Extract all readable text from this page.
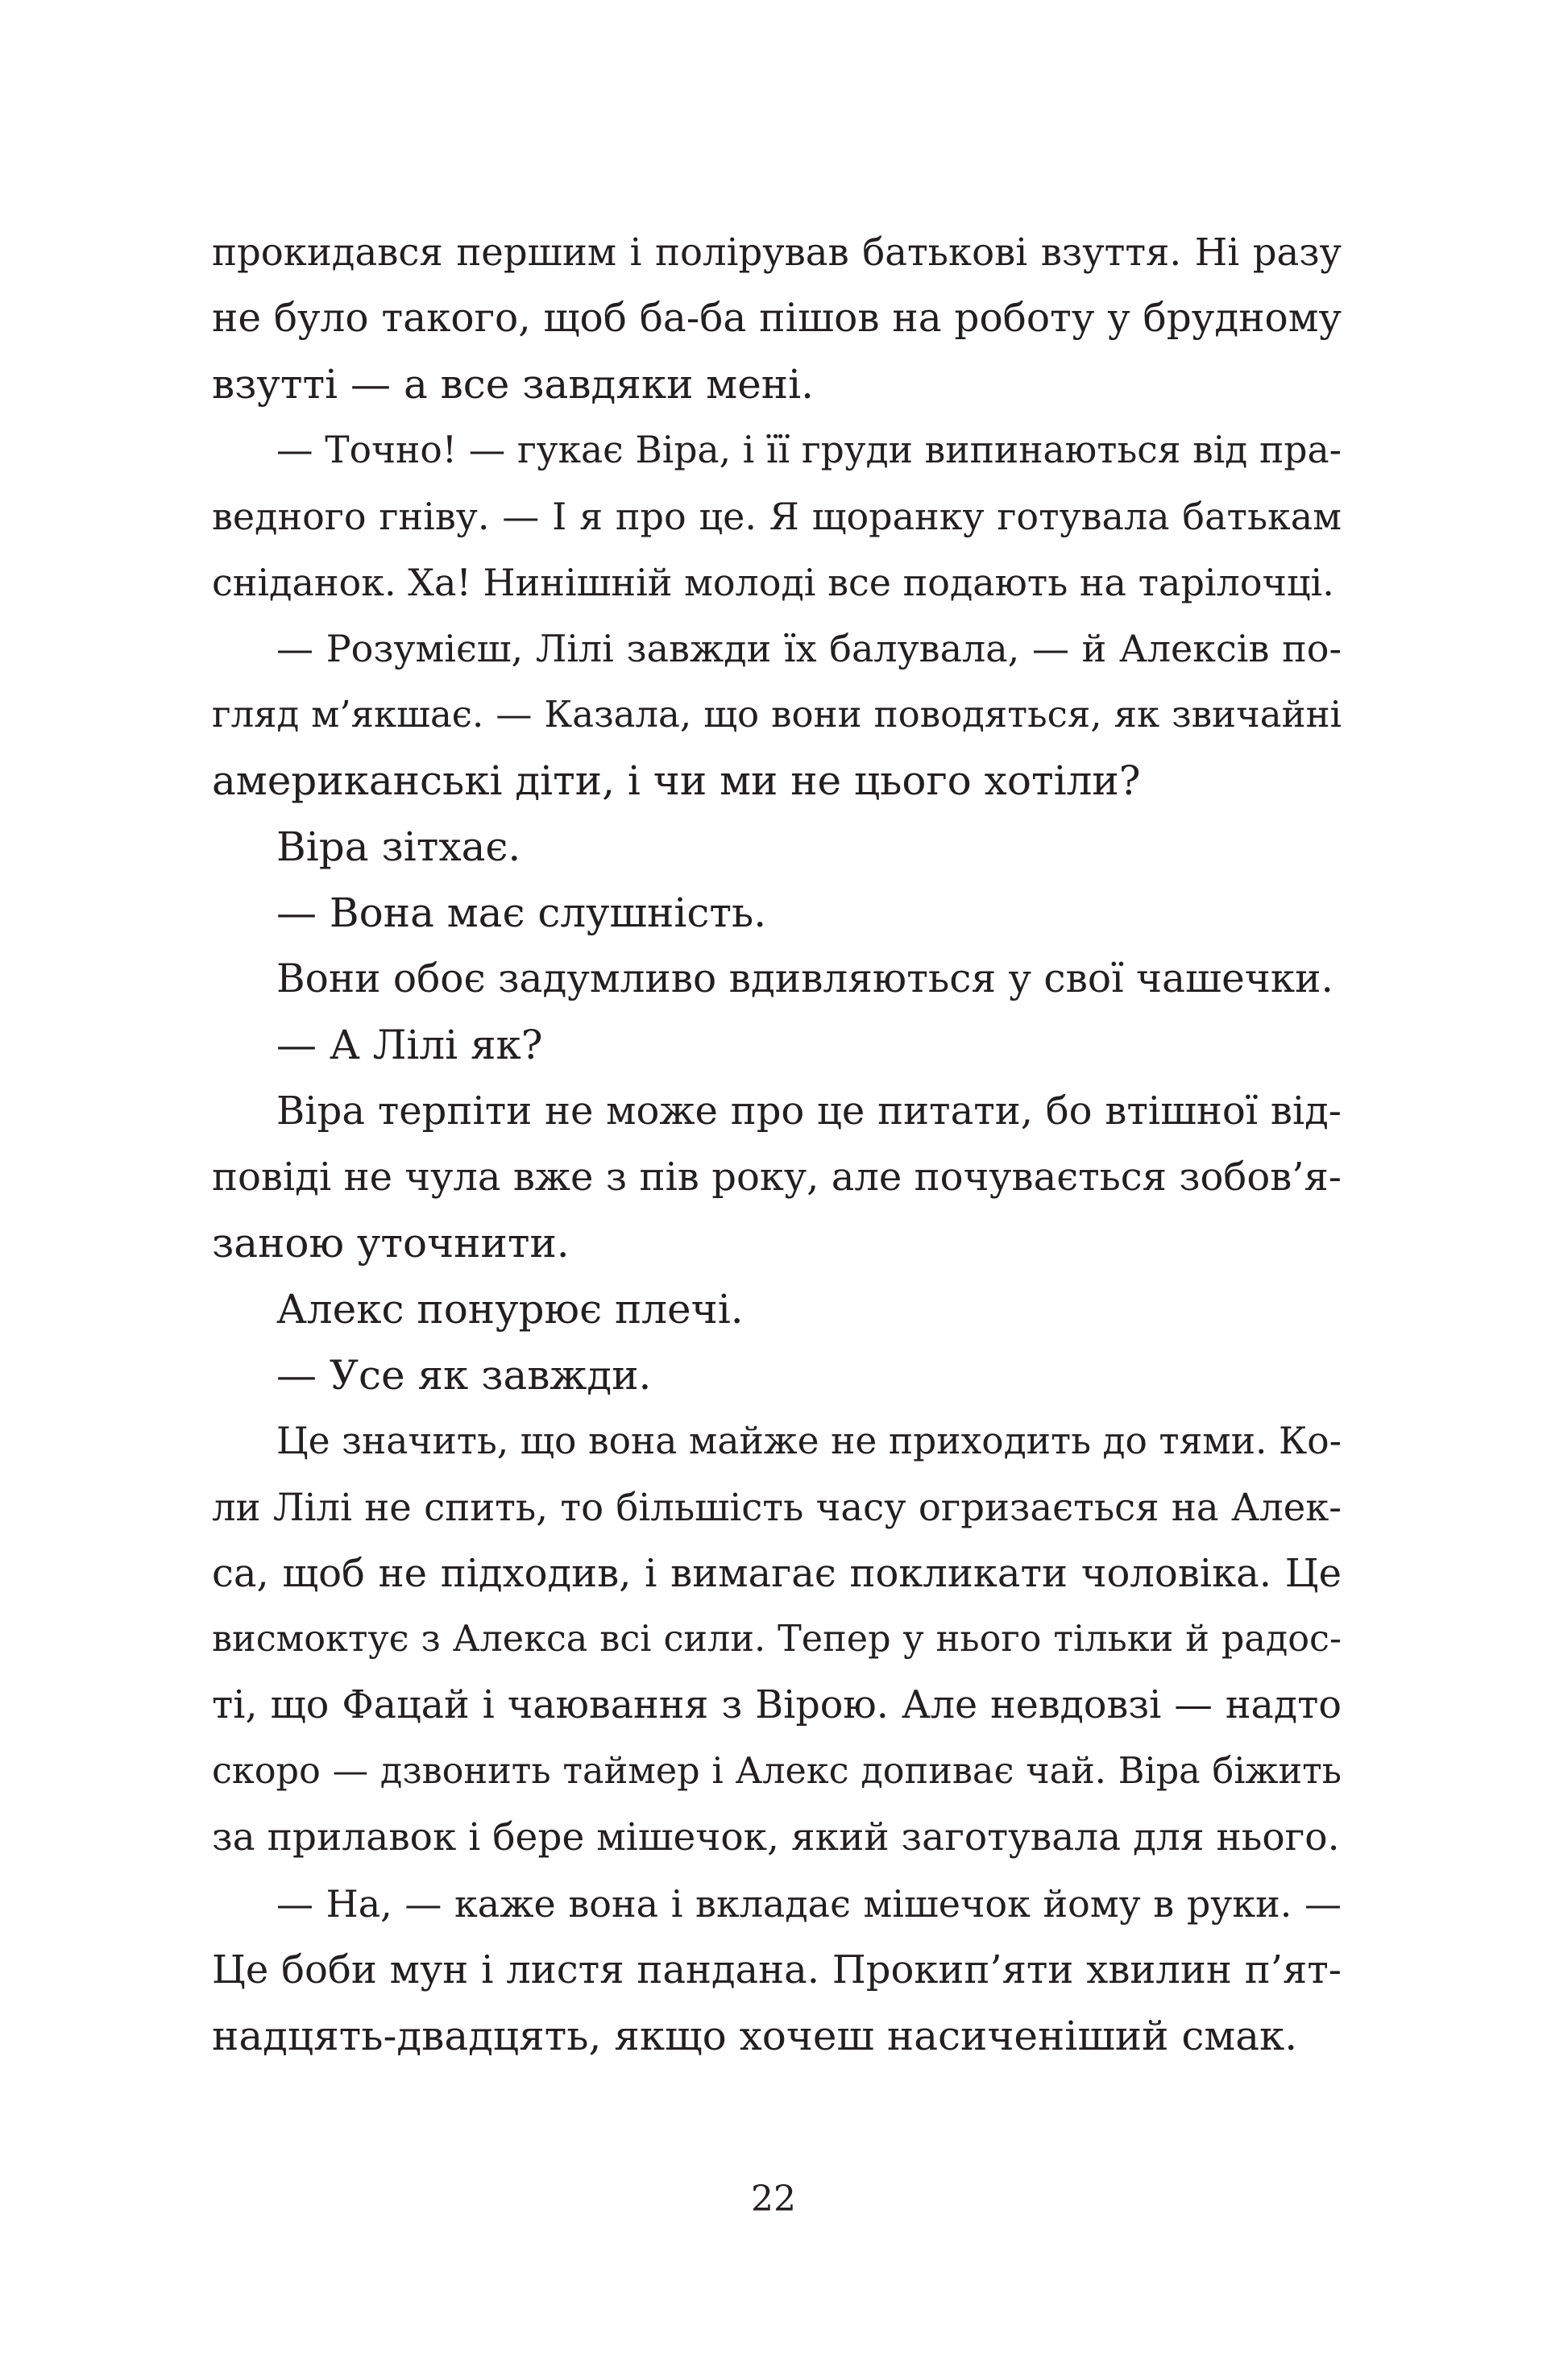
прокидався першим і полірував батькові взуття. Ні разу
не було такого, щоб ба-ба пішов на роботу у брудному
взутті — а все завдяки мені.
— Точно! — гукає Віра, і її груди випинаються від пра-
ведного гніву. — І я про це. Я щоранку готувала батькам
сніданок. Ха! Нинішній молоді все подають на тарілочці.
— Розумієш, Лілі завжди їх балувала, — й Алексів по-
гляд м’якшає. — Казала, що вони поводяться, як звичайні
американські діти, і чи ми не цього хотіли?
Віра зітхає.
— Вона має слушність.
Вони обоє задумливо вдивляються у свої чашечки.
— А Лілі як?
Віра терпіти не може про це питати, бо втішної від-
повіді не чула вже з пів року, але почувається зобов’я-
заною уточнити.
Алекс понурює плечі.
— Усе як завжди.
Це значить, що вона майже не приходить до тями. Ко-
ли Лілі не спить, то більшість часу огризається на Алек-
са, щоб не підходив, і вимагає покликати чоловіка. Це
висмоктує з Алекса всі сили. Тепер у нього тільки й радос-
ті, що Фацай і чаювання з Вірою. Але невдовзі — надто
скоро — дзвонить таймер і Алекс допиває чай. Віра біжить
за прилавок і бере мішечок, який заготувала для нього.
— На, — каже вона і вкладає мішечок йому в руки. —
Це боби мун і листя пандана. Прокип’яти хвилин п’ят-
надцять-двадцять, якщо хочеш насиченіший смак.
22
